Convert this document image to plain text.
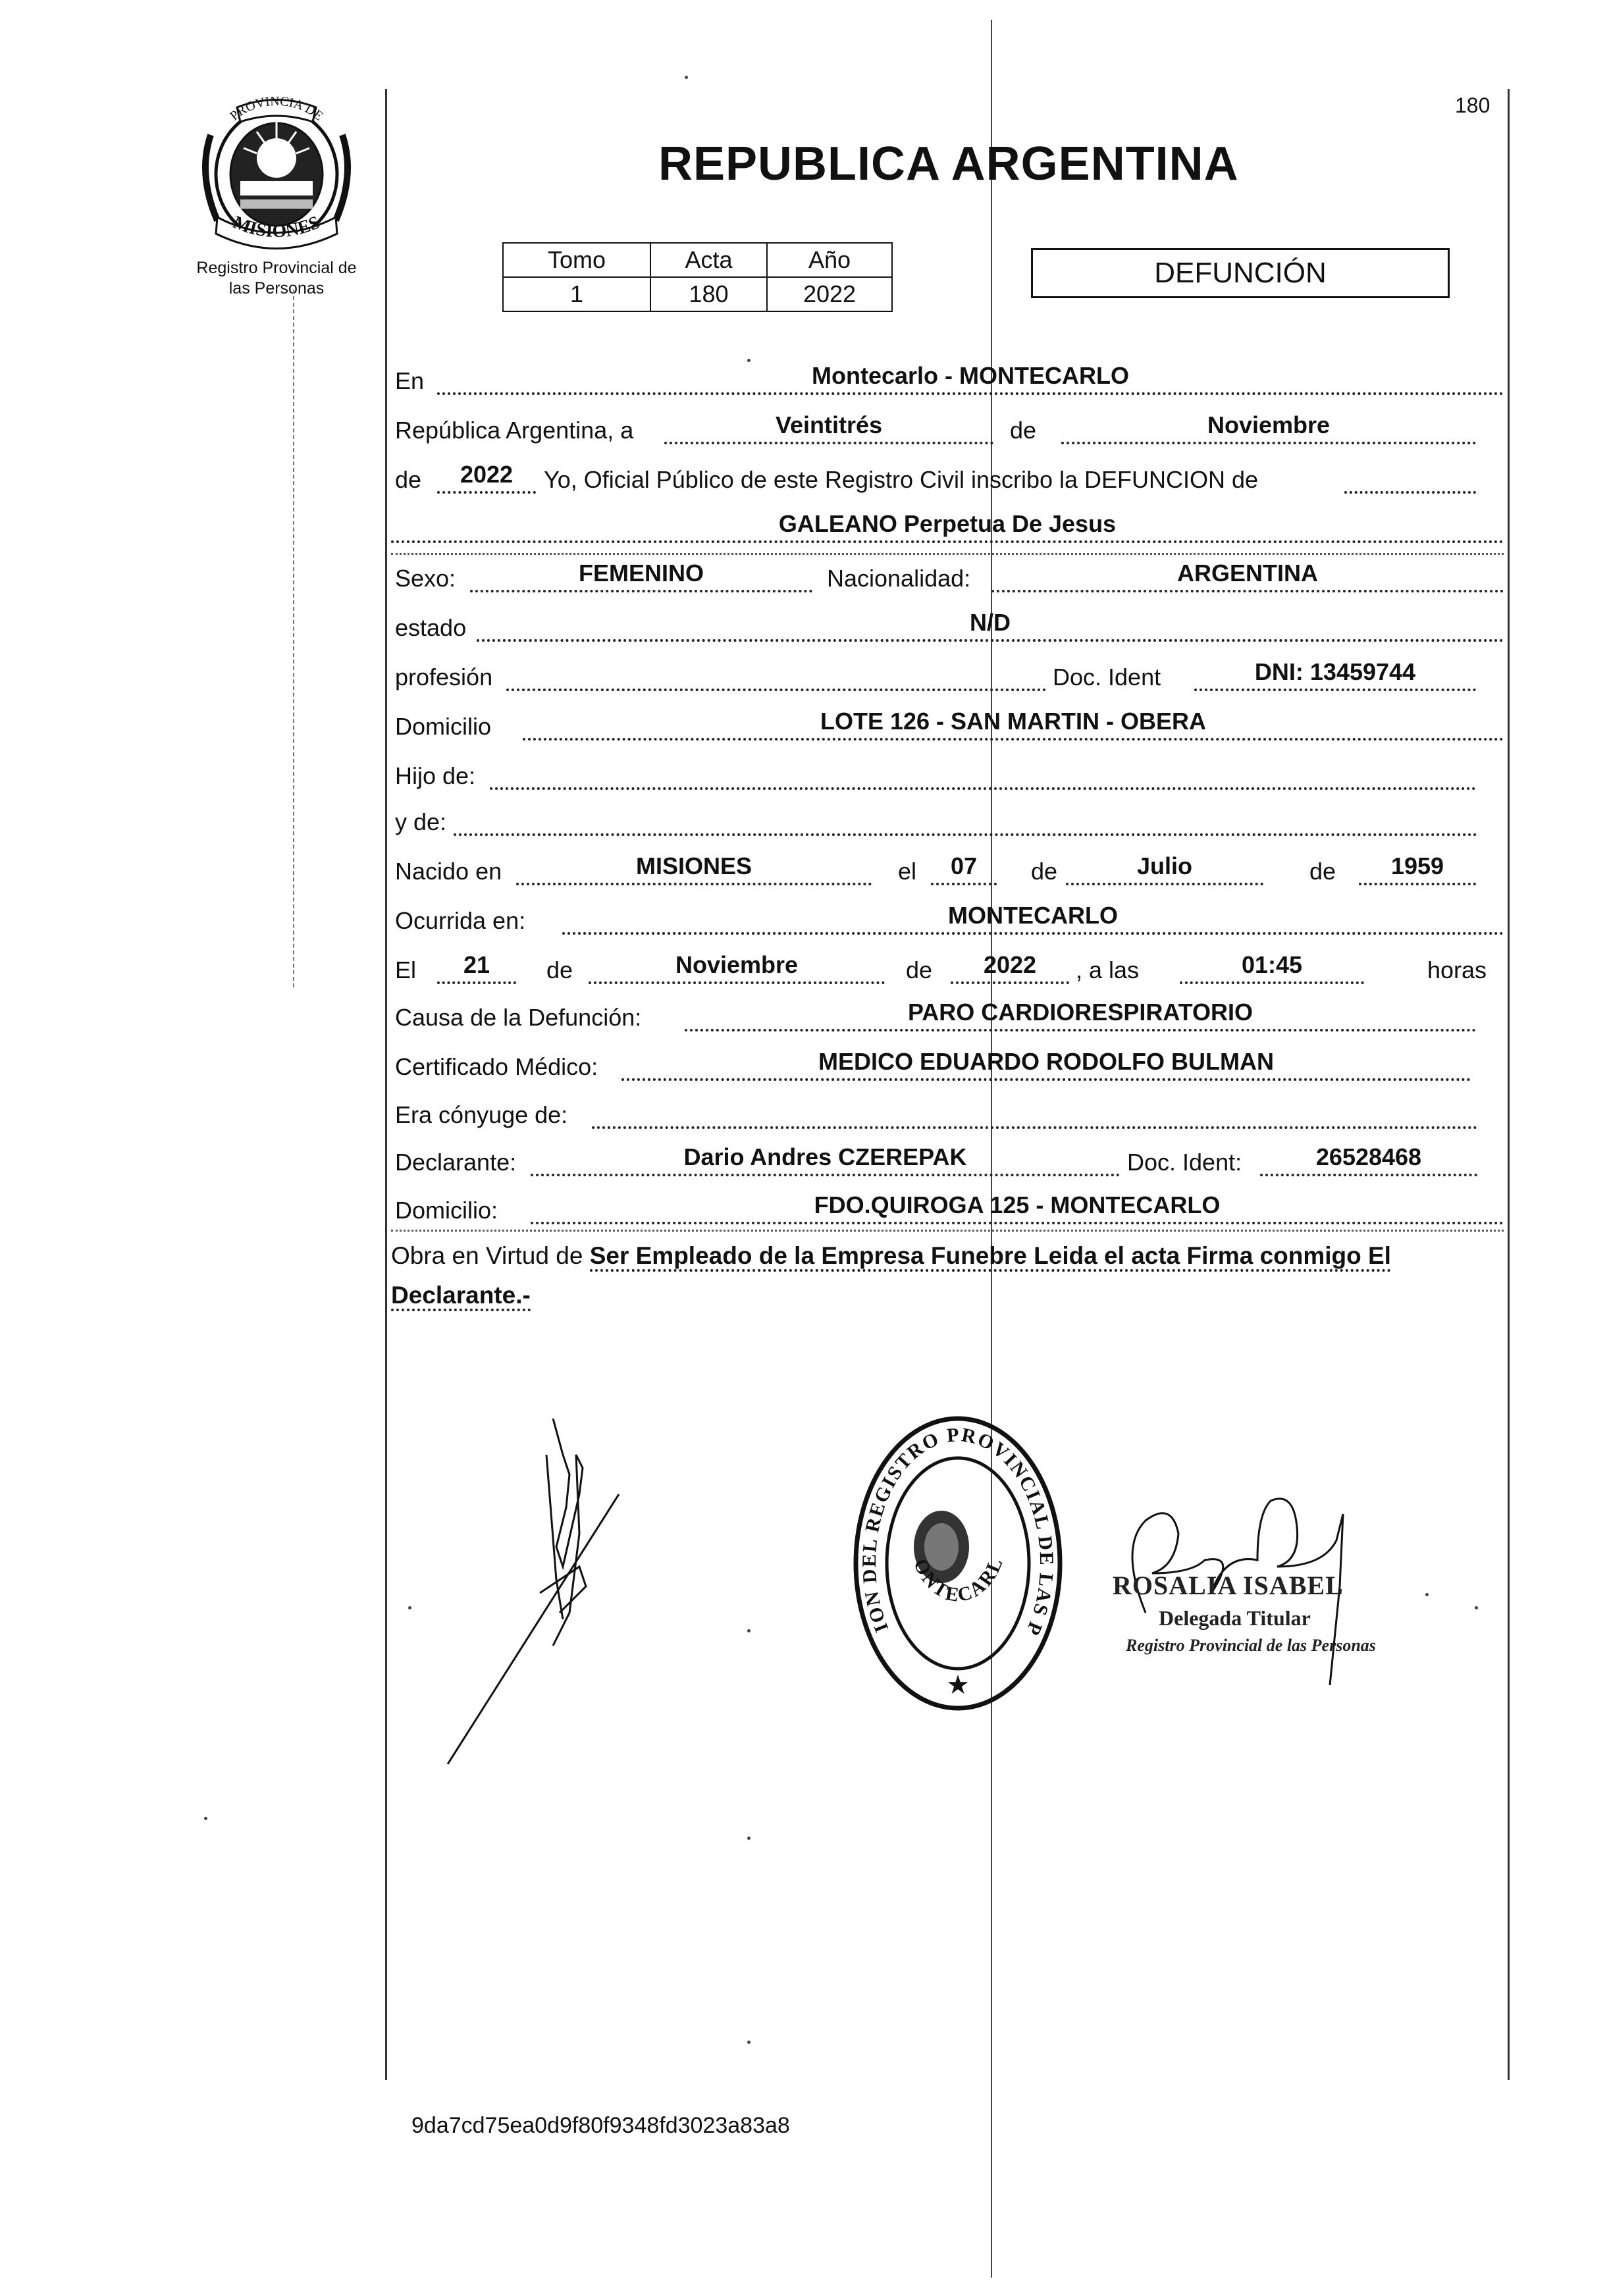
PROVINCIA DE
MISIONES
Registro Provincial de
las Personas
180
REPUBLICA ARGENTINA
Tomo	Acta	Año
1	180	2022
DEFUNCIÓN
En	Montecarlo - MONTECARLO
República Argentina, a	Veintitrés	de	Noviembre
de	2022	Yo, Oficial Público de este Registro Civil inscribo la DEFUNCION de
GALEANO Perpetua De Jesus
Sexo:	FEMENINO	Nacionalidad:	ARGENTINA
estado	N/D
profesión	Doc. Ident	DNI: 13459744
Domicilio	LOTE 126 - SAN MARTIN - OBERA
Hijo de:
y de:
Nacido en	MISIONES	el	07	de	Julio	de	1959
Ocurrida en:	MONTECARLO
El	21	de	Noviembre	de	2022	, a las	01:45	horas
Causa de la Defunción:	PARO CARDIORESPIRATORIO
Certificado Médico:	MEDICO EDUARDO RODOLFO BULMAN
Era cónyuge de:
Declarante:	Dario Andres CZEREPAK	Doc. Ident:	26528468
Domicilio:	FDO.QUIROGA 125 - MONTECARLO
Obra en Virtud de Ser Empleado de la Empresa Funebre Leida el acta Firma conmigo El Declarante.-
ION DEL REGISTRO PROVINCIAL DE LAS P
ONTECARL
★
ROSALIA ISABEL
Delegada Titular
Registro Provincial de las Personas
9da7cd75ea0d9f80f9348fd3023a83a8
